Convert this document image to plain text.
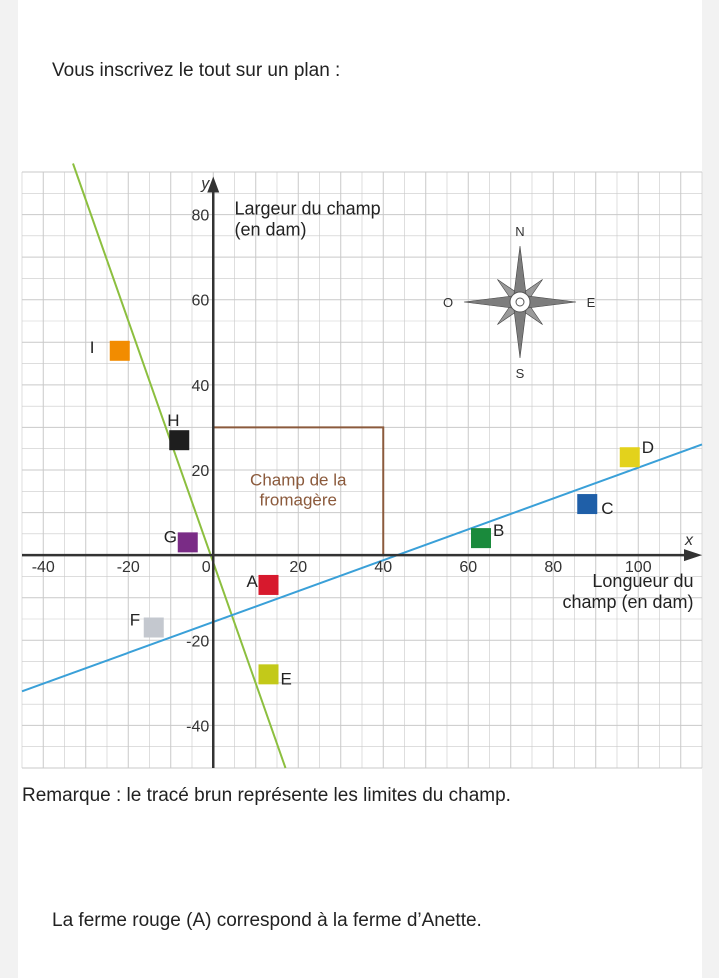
Vous inscrivez le tout sur un plan :
Champ de la
fromagère
-40	-20	0	20	40	60	80	100
80
60
40
20
-20
-40
y
x
Largeur du champ
(en dam)
Longueur du
champ (en dam)
A
B
C
D
E
F
G
H
I
N
S
E
O
Remarque : le tracé brun représente les limites du champ.
La ferme rouge (A) correspond à la ferme d’Anette.
